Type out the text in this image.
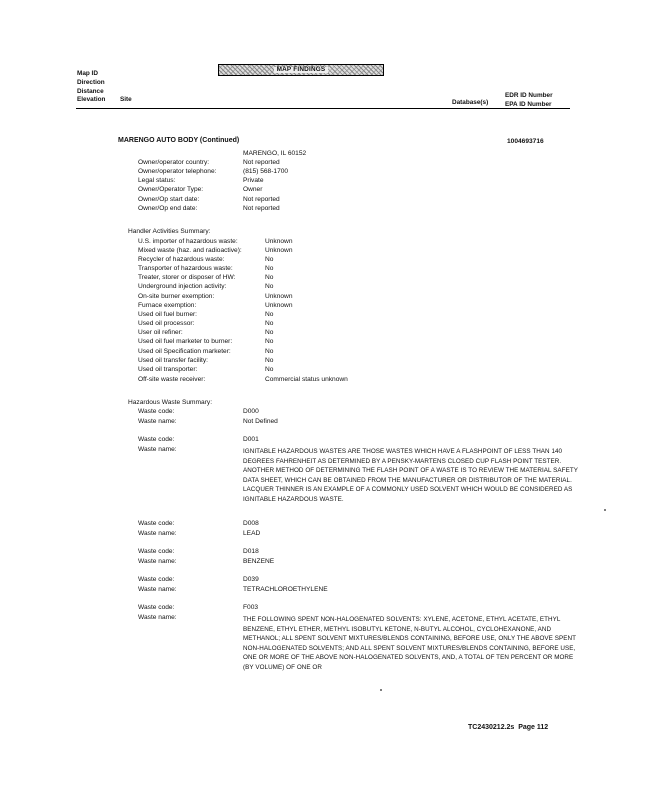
Map ID
Direction
Distance
Elevation Site
MAP FINDINGS
Database(s)
EDR ID Number
EPA ID Number
MARENGO AUTO BODY (Continued)	1004693716
MARENGO, IL 60152
Owner/operator country:	Not reported
Owner/operator telephone:	(815) 568-1700
Legal status:	Private
Owner/Operator Type:	Owner
Owner/Op start date:	Not reported
Owner/Op end date:	Not reported
Handler Activities Summary:
U.S. importer of hazardous waste:	Unknown
Mixed waste (haz. and radioactive):	Unknown
Recycler of hazardous waste:	No
Transporter of hazardous waste:	No
Treater, storer or disposer of HW:	No
Underground injection activity:	No
On-site burner exemption:	Unknown
Furnace exemption:	Unknown
Used oil fuel burner:	No
Used oil processor:	No
User oil refiner:	No
Used oil fuel marketer to burner:	No
Used oil Specification marketer:	No
Used oil transfer facility:	No
Used oil transporter:	No
Off-site waste receiver:	Commercial status unknown
Hazardous Waste Summary:
Waste code:	D000
Waste name:	Not Defined
Waste code:	D001
Waste name:	IGNITABLE HAZARDOUS WASTES ARE THOSE WASTES WHICH HAVE A FLASHPOINT OF LESS THAN 140 DEGREES FAHRENHEIT AS DETERMINED BY A PENSKY-MARTENS CLOSED CUP FLASH POINT TESTER. ANOTHER METHOD OF DETERMINING THE FLASH POINT OF A WASTE IS TO REVIEW THE MATERIAL SAFETY DATA SHEET, WHICH CAN BE OBTAINED FROM THE MANUFACTURER OR DISTRIBUTOR OF THE MATERIAL. LACQUER THINNER IS AN EXAMPLE OF A COMMONLY USED SOLVENT WHICH WOULD BE CONSIDERED AS IGNITABLE HAZARDOUS WASTE.
Waste code:	D008
Waste name:	LEAD
Waste code:	D018
Waste name:	BENZENE
Waste code:	D039
Waste name:	TETRACHLOROETHYLENE
Waste code:	F003
Waste name:	THE FOLLOWING SPENT NON-HALOGENATED SOLVENTS: XYLENE, ACETONE, ETHYL ACETATE, ETHYL BENZENE, ETHYL ETHER, METHYL ISOBUTYL KETONE, N-BUTYL ALCOHOL, CYCLOHEXANONE, AND METHANOL; ALL SPENT SOLVENT MIXTURES/BLENDS CONTAINING, BEFORE USE, ONLY THE ABOVE SPENT NON-HALOGENATED SOLVENTS; AND ALL SPENT SOLVENT MIXTURES/BLENDS CONTAINING, BEFORE USE, ONE OR MORE OF THE ABOVE NON-HALOGENATED SOLVENTS, AND, A TOTAL OF TEN PERCENT OR MORE (BY VOLUME) OF ONE OR
TC2430212.2s Page 112
